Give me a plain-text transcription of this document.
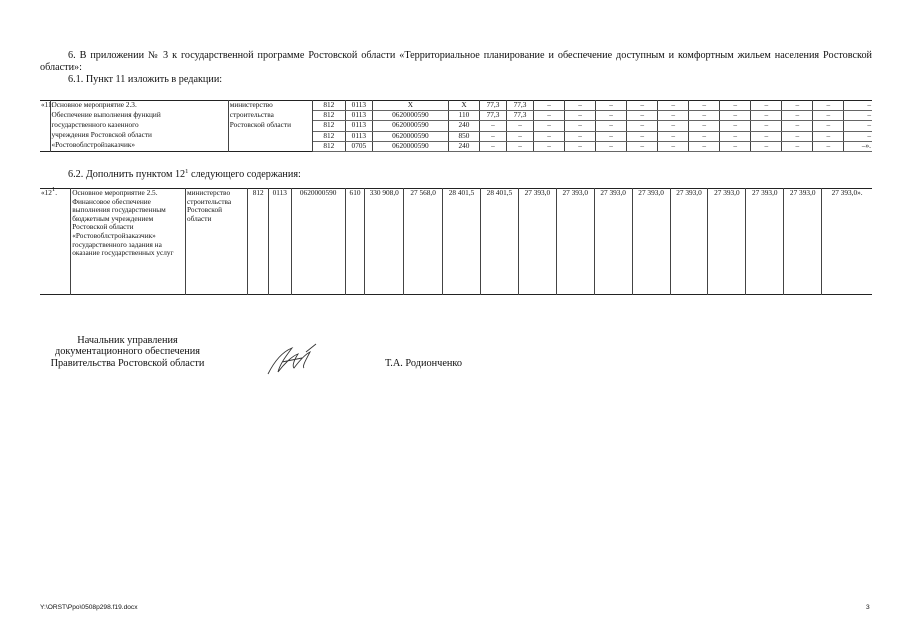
6. В приложении № 3 к государственной программе Ростовской области «Территориальное планирование и обеспечение доступным и комфортным жильем населения Ростовской области»:
6.1. Пункт 11 изложить в редакции:
«11.	Основное мероприятие 2.3.	министерство	812	0113	Х	Х	77,3	77,3	–	–	–	–	–	–	–	–	–	–	–
	Обеспечение выполнения функций	строительства	812	0113	0620000590	110	77,3	77,3	–	–	–	–	–	–	–	–	–	–	–
	государственного казенного	Ростовской области	812	0113	0620000590	240	–	–	–	–	–	–	–	–	–	–	–	–	–
	учреждения Ростовской области		812	0113	0620000590	850	–	–	–	–	–	–	–	–	–	–	–	–	–
	«Ростовоблстройзаказчик»		812	0705	0620000590	240	–	–	–	–	–	–	–	–	–	–	–	–	–».
6.2. Дополнить пунктом $12^1$ следующего содержания:
«$12^1$.	Основное мероприятие 2.5. Финансовое обеспечение выполнения государственным бюджетным учреждением Ростовской области «Ростовоблстройзаказчик» государственного задания на оказание государственных услуг	министерство строительства Ростовской области	812	0113	0620000590	610	330 908,0	27 568,0	28 401,5	28 401,5	27 393,0	27 393,0	27 393,0	27 393,0	27 393,0	27 393,0	27 393,0	27 393,0	27 393,0».
Начальник управления
документационного обеспечения
Правительства Ростовской области	Т.А. Родионченко
Y:\ORST\Ppo\0508p298.f19.docx	3
